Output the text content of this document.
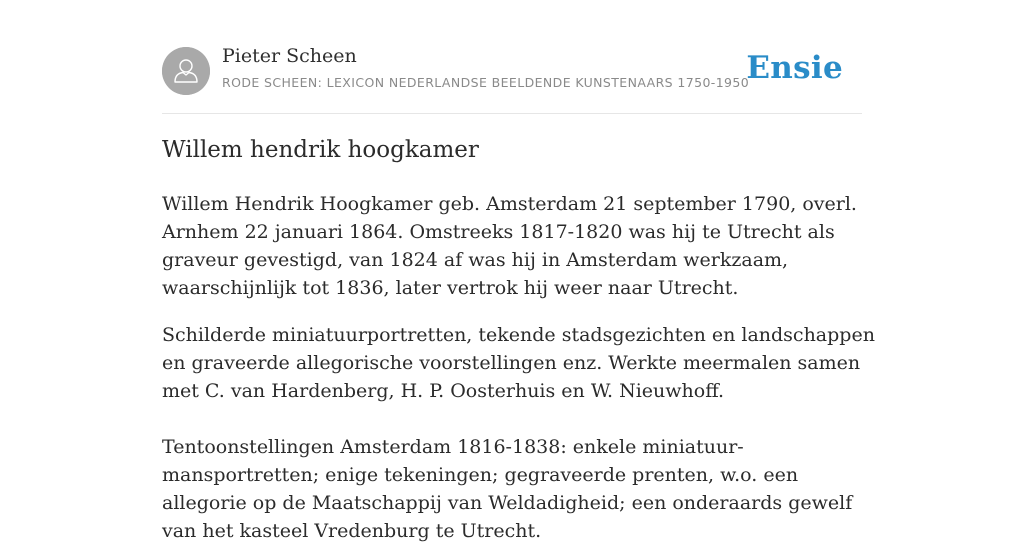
Pieter Scheen
RODE SCHEEN: LEXICON NEDERLANDSE BEELDENDE KUNSTENAARS 1750-1950
Ensie
Willem hendrik hoogkamer

Willem Hendrik Hoogkamer geb. Amsterdam 21 september 1790, overl. Arnhem 22 januari 1864. Omstreeks 1817-1820 was hij te Utrecht als graveur gevestigd, van 1824 af was hij in Amsterdam werkzaam, waarschijnlijk tot 1836, later vertrok hij weer naar Utrecht.

Schilderde miniatuurportretten, tekende stadsgezichten en landschappen en graveerde allegorische voorstellingen enz. Werkte meermalen samen met C. van Hardenberg, H. P. Oosterhuis en W. Nieuwhoff.

Tentoonstellingen Amsterdam 1816-1838: enkele miniatuur-mansportretten; enige tekeningen; gegraveerde prenten, w.o. een allegorie op de Maatschappij van Weldadigheid; een onderaards gewelf van het kasteel Vredenburg te Utrecht.
